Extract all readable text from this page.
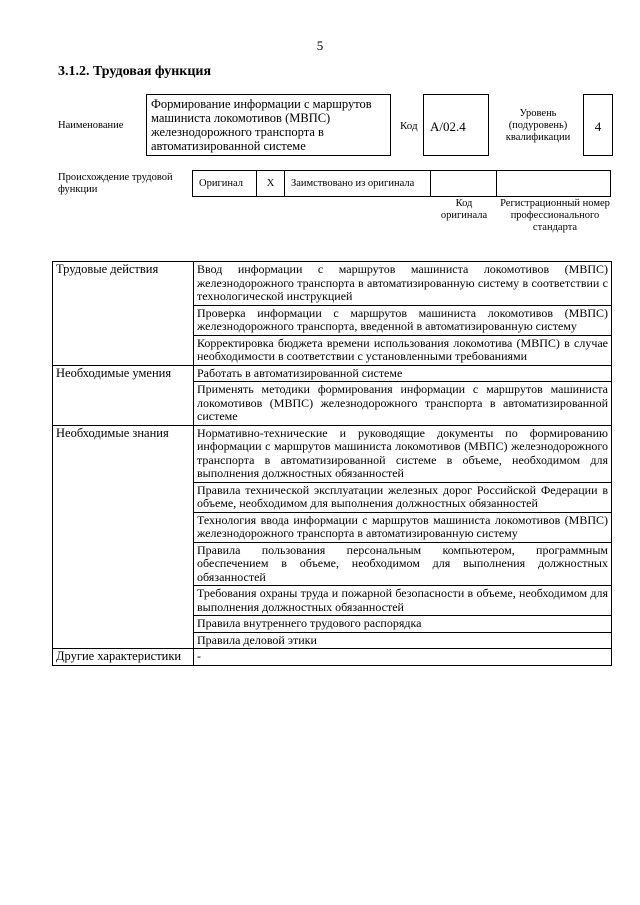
5
3.1.2. Трудовая функция
Наименование
Формирование информации с маршрутов машиниста локомотивов (МВПС) железнодорожного транспорта в автоматизированной системе
Код А/02.4
Уровень (подуровень) квалификации
4
Происхождение трудовой функции
Оригинал	X	Заимствовано из оригинала		
Код оригинала
Регистрационный номер профессионального стандарта
Трудовые действия	Ввод информации с маршрутов машиниста локомотивов (МВПС) железнодорожного транспорта в автоматизированную систему в соответствии с технологической инструкцией
	Проверка информации с маршрутов машиниста локомотивов (МВПС) железнодорожного транспорта, введенной в автоматизированную систему
	Корректировка бюджета времени использования локомотива (МВПС) в случае необходимости в соответствии с установленными требованиями
Необходимые умения	Работать в автоматизированной системе
	Применять методики формирования информации с маршрутов машиниста локомотивов (МВПС) железнодорожного транспорта в автоматизированной системе
Необходимые знания	Нормативно-технические и руководящие документы по формированию информации с маршрутов машиниста локомотивов (МВПС) железнодорожного транспорта в автоматизированной системе в объеме, необходимом для выполнения должностных обязанностей
	Правила технической эксплуатации железных дорог Российской Федерации в объеме, необходимом для выполнения должностных обязанностей
	Технология ввода информации с маршрутов машиниста локомотивов (МВПС) железнодорожного транспорта в автоматизированную систему
	Правила пользования персональным компьютером, программным обеспечением в объеме, необходимом для выполнения должностных обязанностей
	Требования охраны труда и пожарной безопасности в объеме, необходимом для выполнения должностных обязанностей
	Правила внутреннего трудового распорядка
	Правила деловой этики
Другие характеристики	-
